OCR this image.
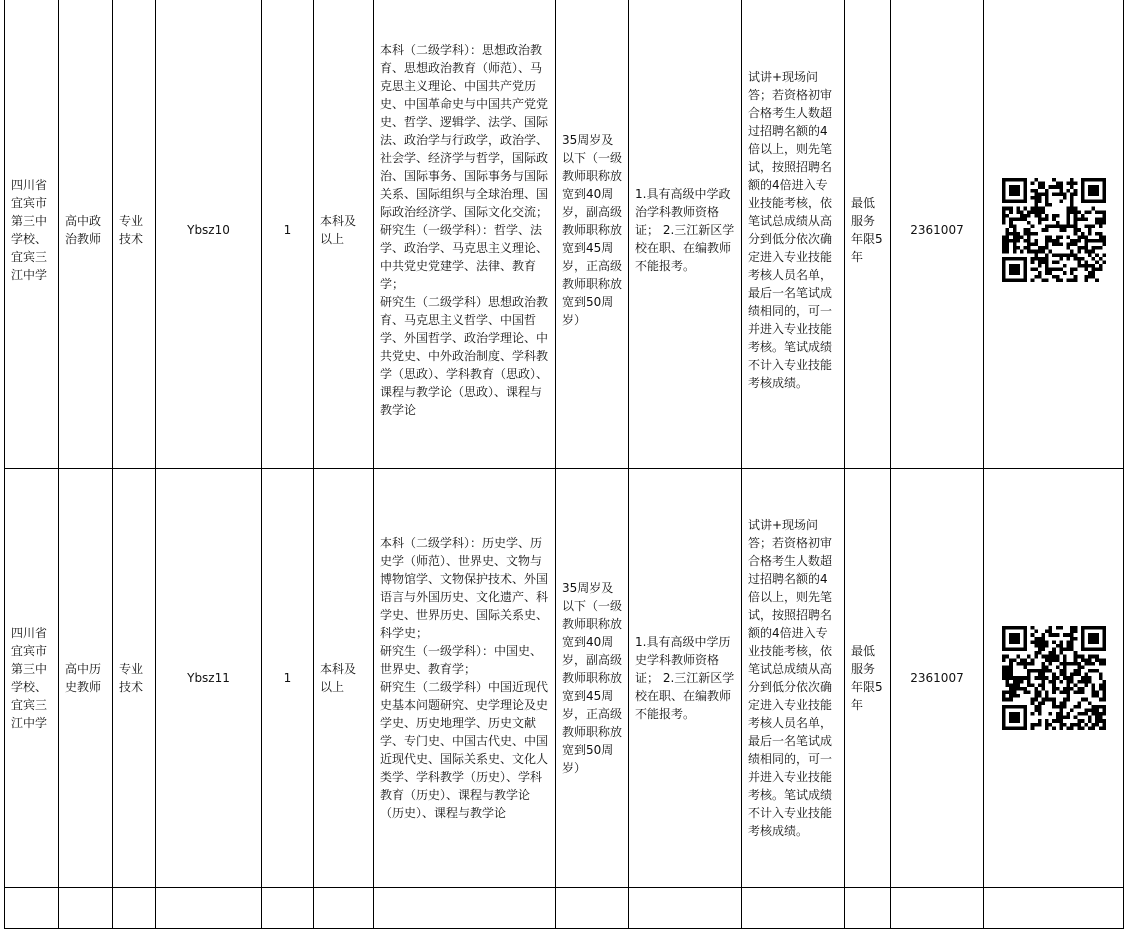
四川省宜宾市第三中学校、宜宾三江中学	高中政治教师	专业技术	Ybsz10	1	本科及以上	本科（二级学科）：思想政治教育、思想政治教育（师范）、马克思主义理论、中国共产党历史、中国革命史与中国共产党党史、哲学、逻辑学、法学、国际法、政治学与行政学，政治学、社会学、经济学与哲学，国际政治、国际事务、国际事务与国际关系、国际组织与全球治理、国际政治经济学、国际文化交流；
研究生（一级学科）：哲学、法学、政治学、马克思主义理论、中共党史党建学、法律、教育学；
研究生（二级学科）思想政治教育、马克思主义哲学、中国哲学、外国哲学、政治学理论、中共党史、中外政治制度、学科教学（思政）、学科教育（思政）、课程与教学论（思政）、课程与教学论	35周岁及以下（一级教师职称放宽到40周岁，副高级教师职称放宽到45周岁，正高级教师职称放宽到50周岁）	1.具有高级中学政治学科教师资格证； 2.三江新区学校在职、在编教师不能报考。	试讲+现场问答；若资格初审合格考生人数超过招聘名额的4倍以上，则先笔试，按照招聘名额的4倍进入专业技能考核，依笔试总成绩从高分到低分依次确定进入专业技能考核人员名单，最后一名笔试成绩相同的，可一并进入专业技能考核。笔试成绩不计入专业技能考核成绩。	最低服务年限5年	2361007	

四川省宜宾市第三中学校、宜宾三江中学	高中历史教师	专业技术	Ybsz11	1	本科及以上	本科（二级学科）：历史学、历史学（师范）、世界史、文物与博物馆学、文物保护技术、外国语言与外国历史、文化遗产、科学史、世界历史、国际关系史、科学史；
研究生（一级学科）：中国史、世界史、教育学；
研究生（二级学科）中国近现代史基本问题研究、史学理论及史学史、历史地理学、历史文献学、专门史、中国古代史、中国近现代史、国际关系史、文化人类学、学科教学（历史）、学科教育（历史）、课程与教学论（历史）、课程与教学论	35周岁及以下（一级教师职称放宽到40周岁，副高级教师职称放宽到45周岁，正高级教师职称放宽到50周岁）	1.具有高级中学历史学科教师资格证； 2.三江新区学校在职、在编教师不能报考。	试讲+现场问答；若资格初审合格考生人数超过招聘名额的4倍以上，则先笔试，按照招聘名额的4倍进入专业技能考核，依笔试总成绩从高分到低分依次确定进入专业技能考核人员名单，最后一名笔试成绩相同的，可一并进入专业技能考核。笔试成绩不计入专业技能考核成绩。	最低服务年限5年	2361007	
